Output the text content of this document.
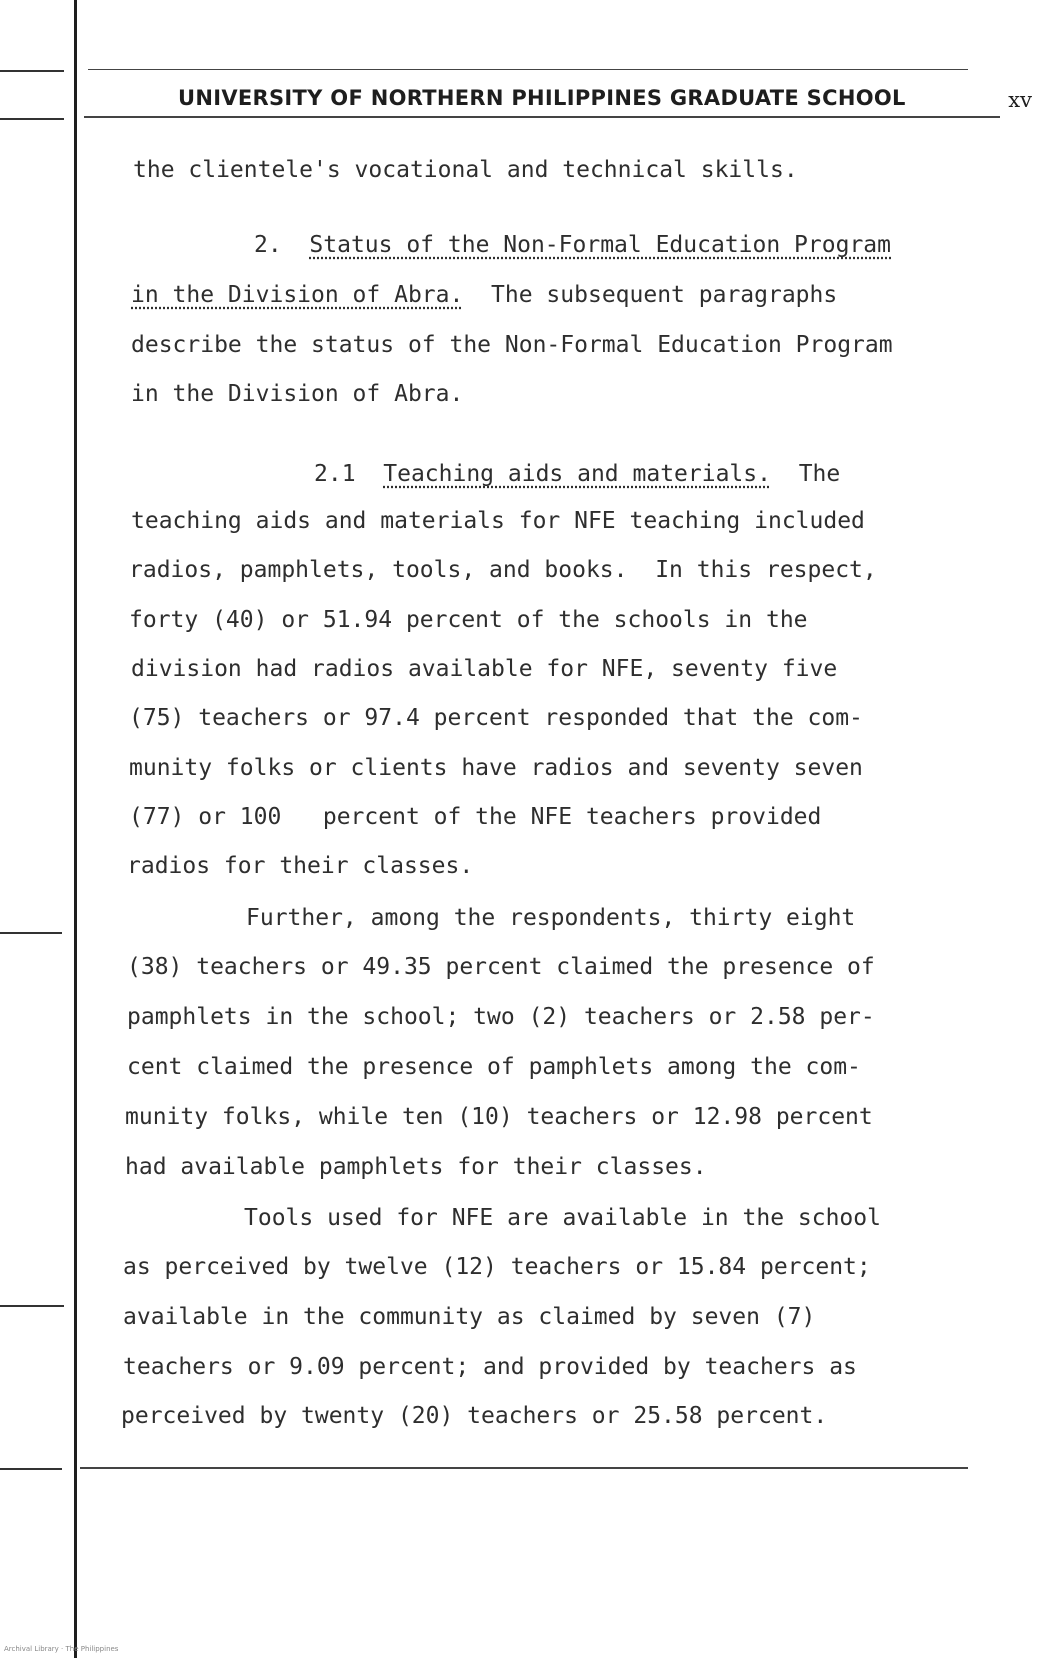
UNIVERSITY OF NORTHERN PHILIPPINES GRADUATE SCHOOL	xv
the clientele's vocational and technical skills.
2. Status of the Non-Formal Education Program
in the Division of Abra. The subsequent paragraphs
describe the status of the Non-Formal Education Program
in the Division of Abra.
2.1 Teaching aids and materials. The
teaching aids and materials for NFE teaching included
radios, pamphlets, tools, and books.  In this respect,
forty (40) or 51.94 percent of the schools in the
division had radios available for NFE, seventy five
(75) teachers or 97.4 percent responded that the com-
munity folks or clients have radios and seventy seven
(77) or 100   percent of the NFE teachers provided
radios for their classes.
Further, among the respondents, thirty eight
(38) teachers or 49.35 percent claimed the presence of
pamphlets in the school; two (2) teachers or 2.58 per-
cent claimed the presence of pamphlets among the com-
munity folks, while ten (10) teachers or 12.98 percent
had available pamphlets for their classes.
Tools used for NFE are available in the school
as perceived by twelve (12) teachers or 15.84 percent;
available in the community as claimed by seven (7)
teachers or 9.09 percent; and provided by teachers as
perceived by twenty (20) teachers or 25.58 percent.
Archival Library · The Philippines
